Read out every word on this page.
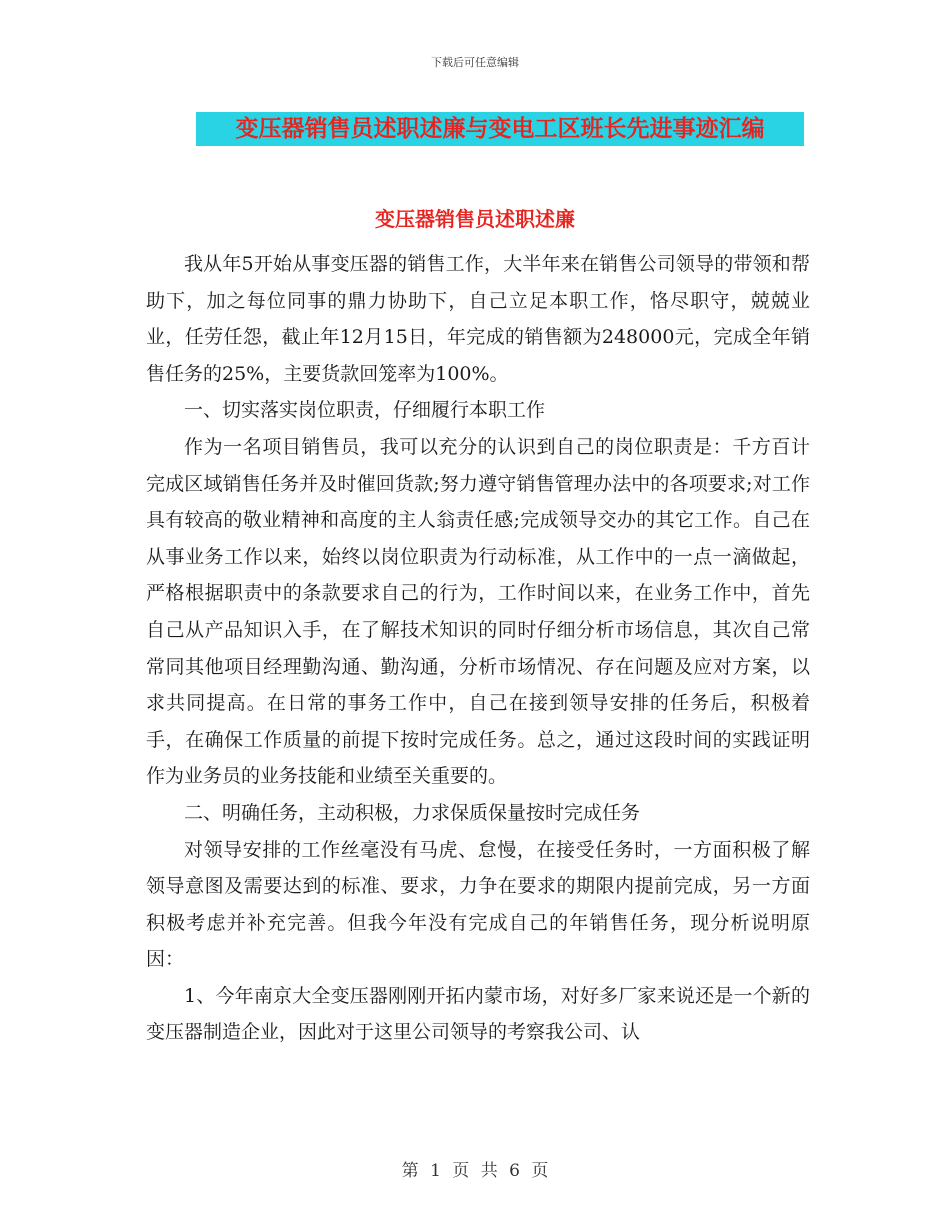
下载后可任意编辑
变压器销售员述职述廉与变电工区班长先进事迹汇编
变压器销售员述职述廉

我从年5开始从事变压器的销售工作，大半年来在销售公司领导的带领和帮助下，加之每位同事的鼎力协助下，自己立足本职工作，恪尽职守，兢兢业业，任劳任怨，截止年12月15日，年完成的销售额为248000元，完成全年销售任务的25%，主要货款回笼率为100%。

一、切实落实岗位职责，仔细履行本职工作

作为一名项目销售员，我可以充分的认识到自己的岗位职责是：千方百计完成区域销售任务并及时催回货款;努力遵守销售管理办法中的各项要求;对工作具有较高的敬业精神和高度的主人翁责任感;完成领导交办的其它工作。自己在从事业务工作以来，始终以岗位职责为行动标准，从工作中的一点一滴做起，严格根据职责中的条款要求自己的行为，工作时间以来，在业务工作中，首先自己从产品知识入手，在了解技术知识的同时仔细分析市场信息，其次自己常常同其他项目经理勤沟通、勤沟通，分析市场情况、存在问题及应对方案，以求共同提高。在日常的事务工作中，自己在接到领导安排的任务后，积极着手，在确保工作质量的前提下按时完成任务。总之，通过这段时间的实践证明作为业务员的业务技能和业绩至关重要的。

二、明确任务，主动积极，力求保质保量按时完成任务

对领导安排的工作丝毫没有马虎、怠慢，在接受任务时，一方面积极了解领导意图及需要达到的标准、要求，力争在要求的期限内提前完成，另一方面积极考虑并补充完善。但我今年没有完成自己的年销售任务，现分析说明原因：

1、今年南京大全变压器刚刚开拓内蒙市场，对好多厂家来说还是一个新的变压器制造企业，因此对于这里公司领导的考察我公司、认

第 1 页 共 6 页
